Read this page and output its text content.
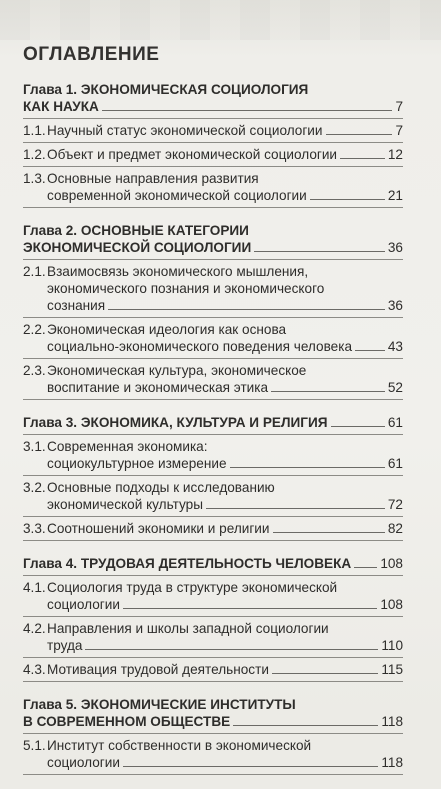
ОГЛАВЛЕНИЕ
Глава 1. ЭКОНОМИЧЕСКАЯ СОЦИОЛОГИЯ
КАК НАУКА	7
1.1. Научный статус экономической социологии	7
1.2. Объект и предмет экономической социологии	12
1.3. Основные направления развития
современной экономической социологии	21
Глава 2. ОСНОВНЫЕ КАТЕГОРИИ
ЭКОНОМИЧЕСКОЙ СОЦИОЛОГИИ	36
2.1. Взаимосвязь экономического мышления,
экономического познания и экономического
сознания	36
2.2. Экономическая идеология как основа
социально-экономического поведения человека	43
2.3. Экономическая культура, экономическое
воспитание и экономическая этика	52
Глава 3. ЭКОНОМИКА, КУЛЬТУРА И РЕЛИГИЯ	61
3.1. Современная экономика:
социокультурное измерение	61
3.2. Основные подходы к исследованию
экономической культуры	72
3.3. Соотношений экономики и религии	82
Глава 4. ТРУДОВАЯ ДЕЯТЕЛЬНОСТЬ ЧЕЛОВЕКА 108
4.1. Социология труда в структуре экономической
социологии	108
4.2. Направления и школы западной социологии
труда	110
4.3. Мотивация трудовой деятельности	115
Глава 5. ЭКОНОМИЧЕСКИЕ ИНСТИТУТЫ
В СОВРЕМЕННОМ ОБЩЕСТВЕ	118
5.1. Институт собственности в экономической
социологии	118
